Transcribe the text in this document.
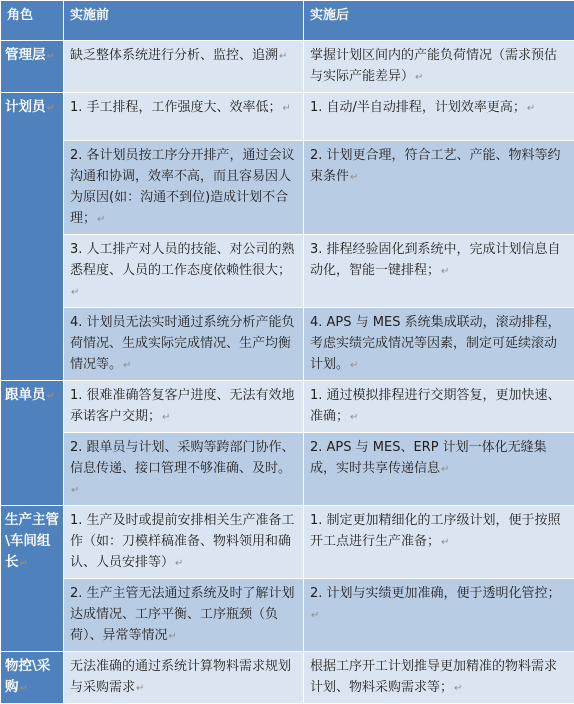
角色	实施前	实施后
管理层↵	缺乏整体系统进行分析、监控、追溯↵	掌握计划区间内的产能负荷情况（需求预估与实际产能差异）↵
计划员↵	1. 手工排程，工作强度大、效率低；↵	1. 自动/半自动排程，计划效率更高；↵
	2. 各计划员按工序分开排产，通过会议沟通和协调，效率不高，而且容易因人为原因(如：沟通不到位)造成计划不合理；↵	2. 计划更合理，符合工艺、产能、物料等约束条件↵
	3. 人工排产对人员的技能、对公司的熟悉程度、人员的工作态度依赖性很大；↵	3. 排程经验固化到系统中，完成计划信息自动化，智能一键排程；↵
	4. 计划员无法实时通过系统分析产能负荷情况、生成实际完成情况、生产均衡情况等。↵	4. APS 与 MES 系统集成联动，滚动排程，考虑实绩完成情况等因素，制定可延续滚动计划。↵
跟单员↵	1. 很难准确答复客户进度、无法有效地承诺客户交期；↵	1. 通过模拟排程进行交期答复，更加快速、准确；↵
	2. 跟单员与计划、采购等跨部门协作、信息传递、接口管理不够准确、及时。↵	2. APS 与 MES、ERP 计划一体化无缝集成，实时共享传递信息↵
生产主管\车间组长↵	1. 生产及时或提前安排相关生产准备工作（如：刀模样稿准备、物料领用和确认、人员安排等）↵	1. 制定更加精细化的工序级计划，便于按照开工点进行生产准备；↵
	2. 生产主管无法通过系统及时了解计划达成情况、工序平衡、工序瓶颈（负荷）、异常等情况↵	2. 计划与实绩更加准确，便于透明化管控；↵
物控\采购↵	无法准确的通过系统计算物料需求规划与采购需求↵	根据工序开工计划推导更加精准的物料需求计划、物料采购需求等；↵
